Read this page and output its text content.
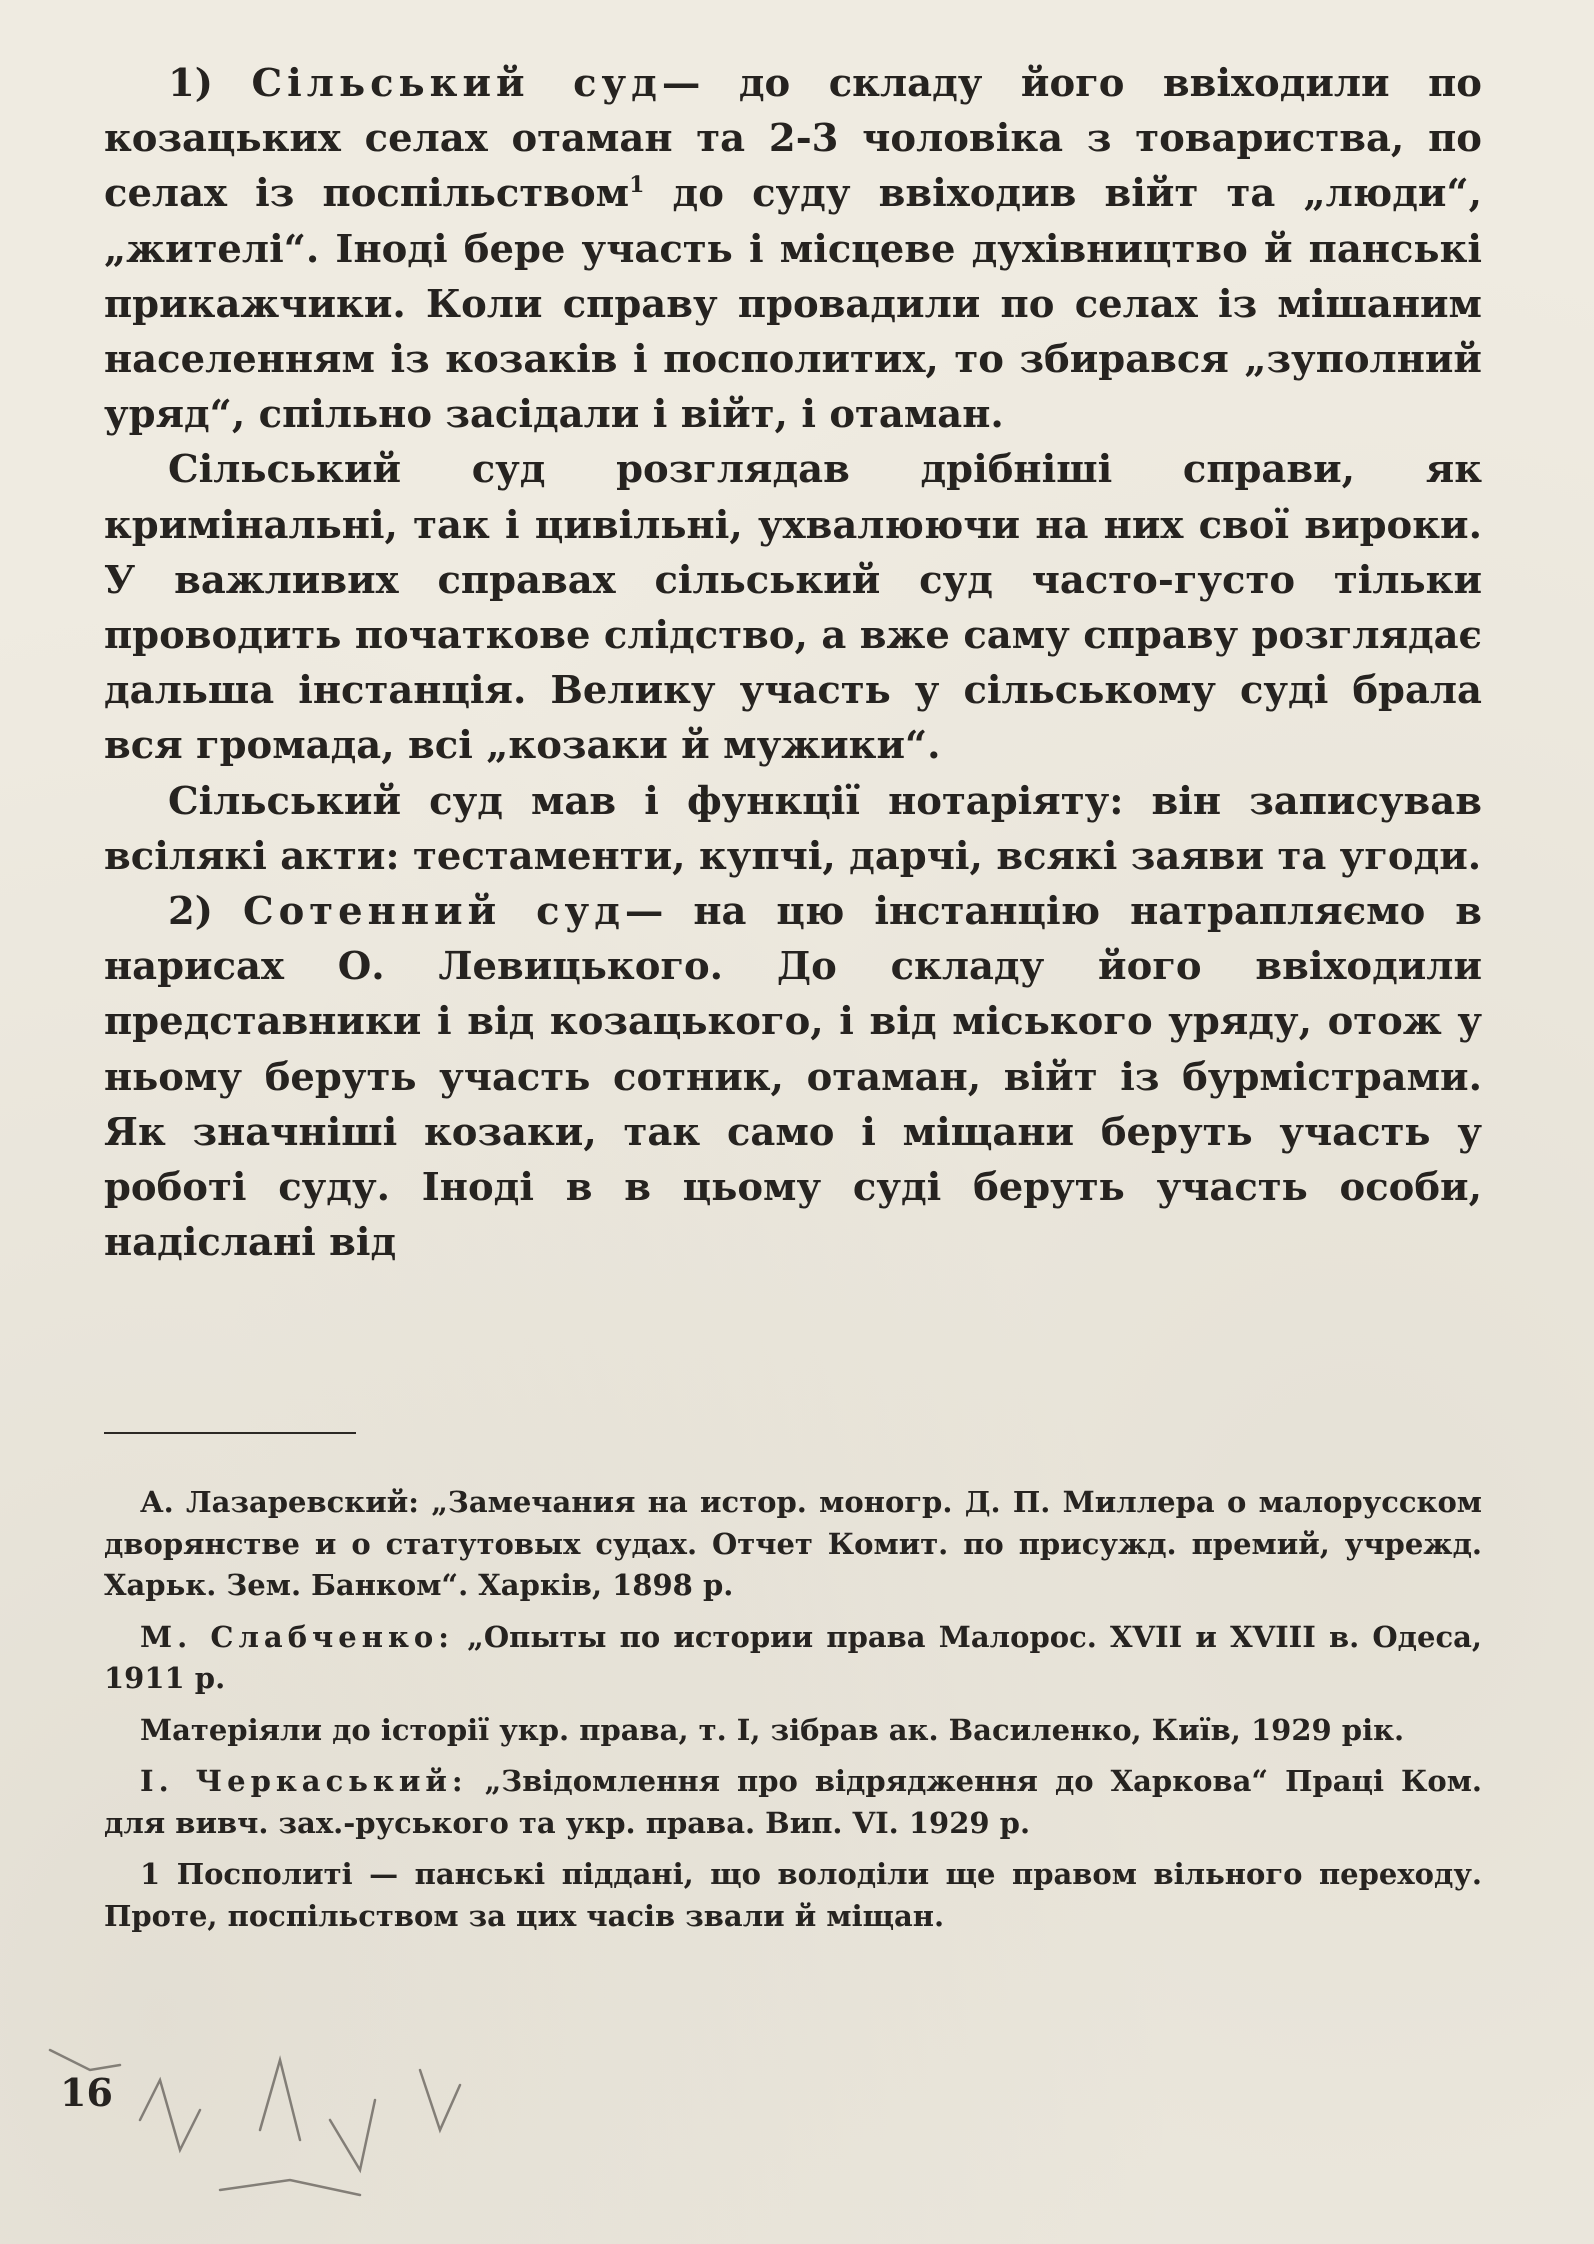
1) Сільський суд— до складу його ввіходили по козацьких селах отаман та 2-3 чоловіка з товариства, по селах із поспільством$^1$ до суду ввіходив війт та „люди“, „жителі“. Іноді бере участь і місцеве духівництво й панські прикажчики. Коли справу провадили по селах із мішаним населенням із козаків і посполитих, то збирався „зуполний уряд“, спільно засідали і війт, і отаман.

Сільський суд розглядав дрібніші справи, як кримінальні, так і цивільні, ухвалюючи на них свої вироки. У важливих справах сільський суд часто-густо тільки проводить початкове слідство, а вже саму справу розглядає дальша інстанція. Велику участь у сільському суді брала вся громада, всі „козаки й мужики“.

Сільський суд мав і функції нотаріяту: він записував всілякі акти: тестаменти, купчі, дарчі, всякі заяви та угоди.

2) Сотенний суд— на цю інстанцію натрапляємо в нарисах О. Левицького. До складу його ввіходили представники і від козацького, і від міського уряду, отож у ньому беруть участь сотник, отаман, війт із бурмістрами. Як значніші козаки, так само і міщани беруть участь у роботі суду. Іноді в в цьому суді беруть участь особи, надіслані від

А. Лазаревский: „Замечания на истор. моногр. Д. П. Миллера о малорусском дворянстве и о статутовых судах. Отчет Комит. по присужд. премий, учрежд. Харьк. Зем. Банком“. Харків, 1898 р.

М. Слабченко: „Опыты по истории права Малорос. XVII и XVIII в. Одеса, 1911 р.

Матеріяли до історії укр. права, т. І, зібрав ак. Василенко, Київ, 1929 рік.

І. Черкаський: „Звідомлення про відрядження до Харкова“ Праці Ком. для вивч. зах.-руського та укр. права. Вип. VI. 1929 р.

1 Посполиті — панські піддані, що володіли ще правом вільного переходу. Проте, поспільством за цих часів звали й міщан.

16
